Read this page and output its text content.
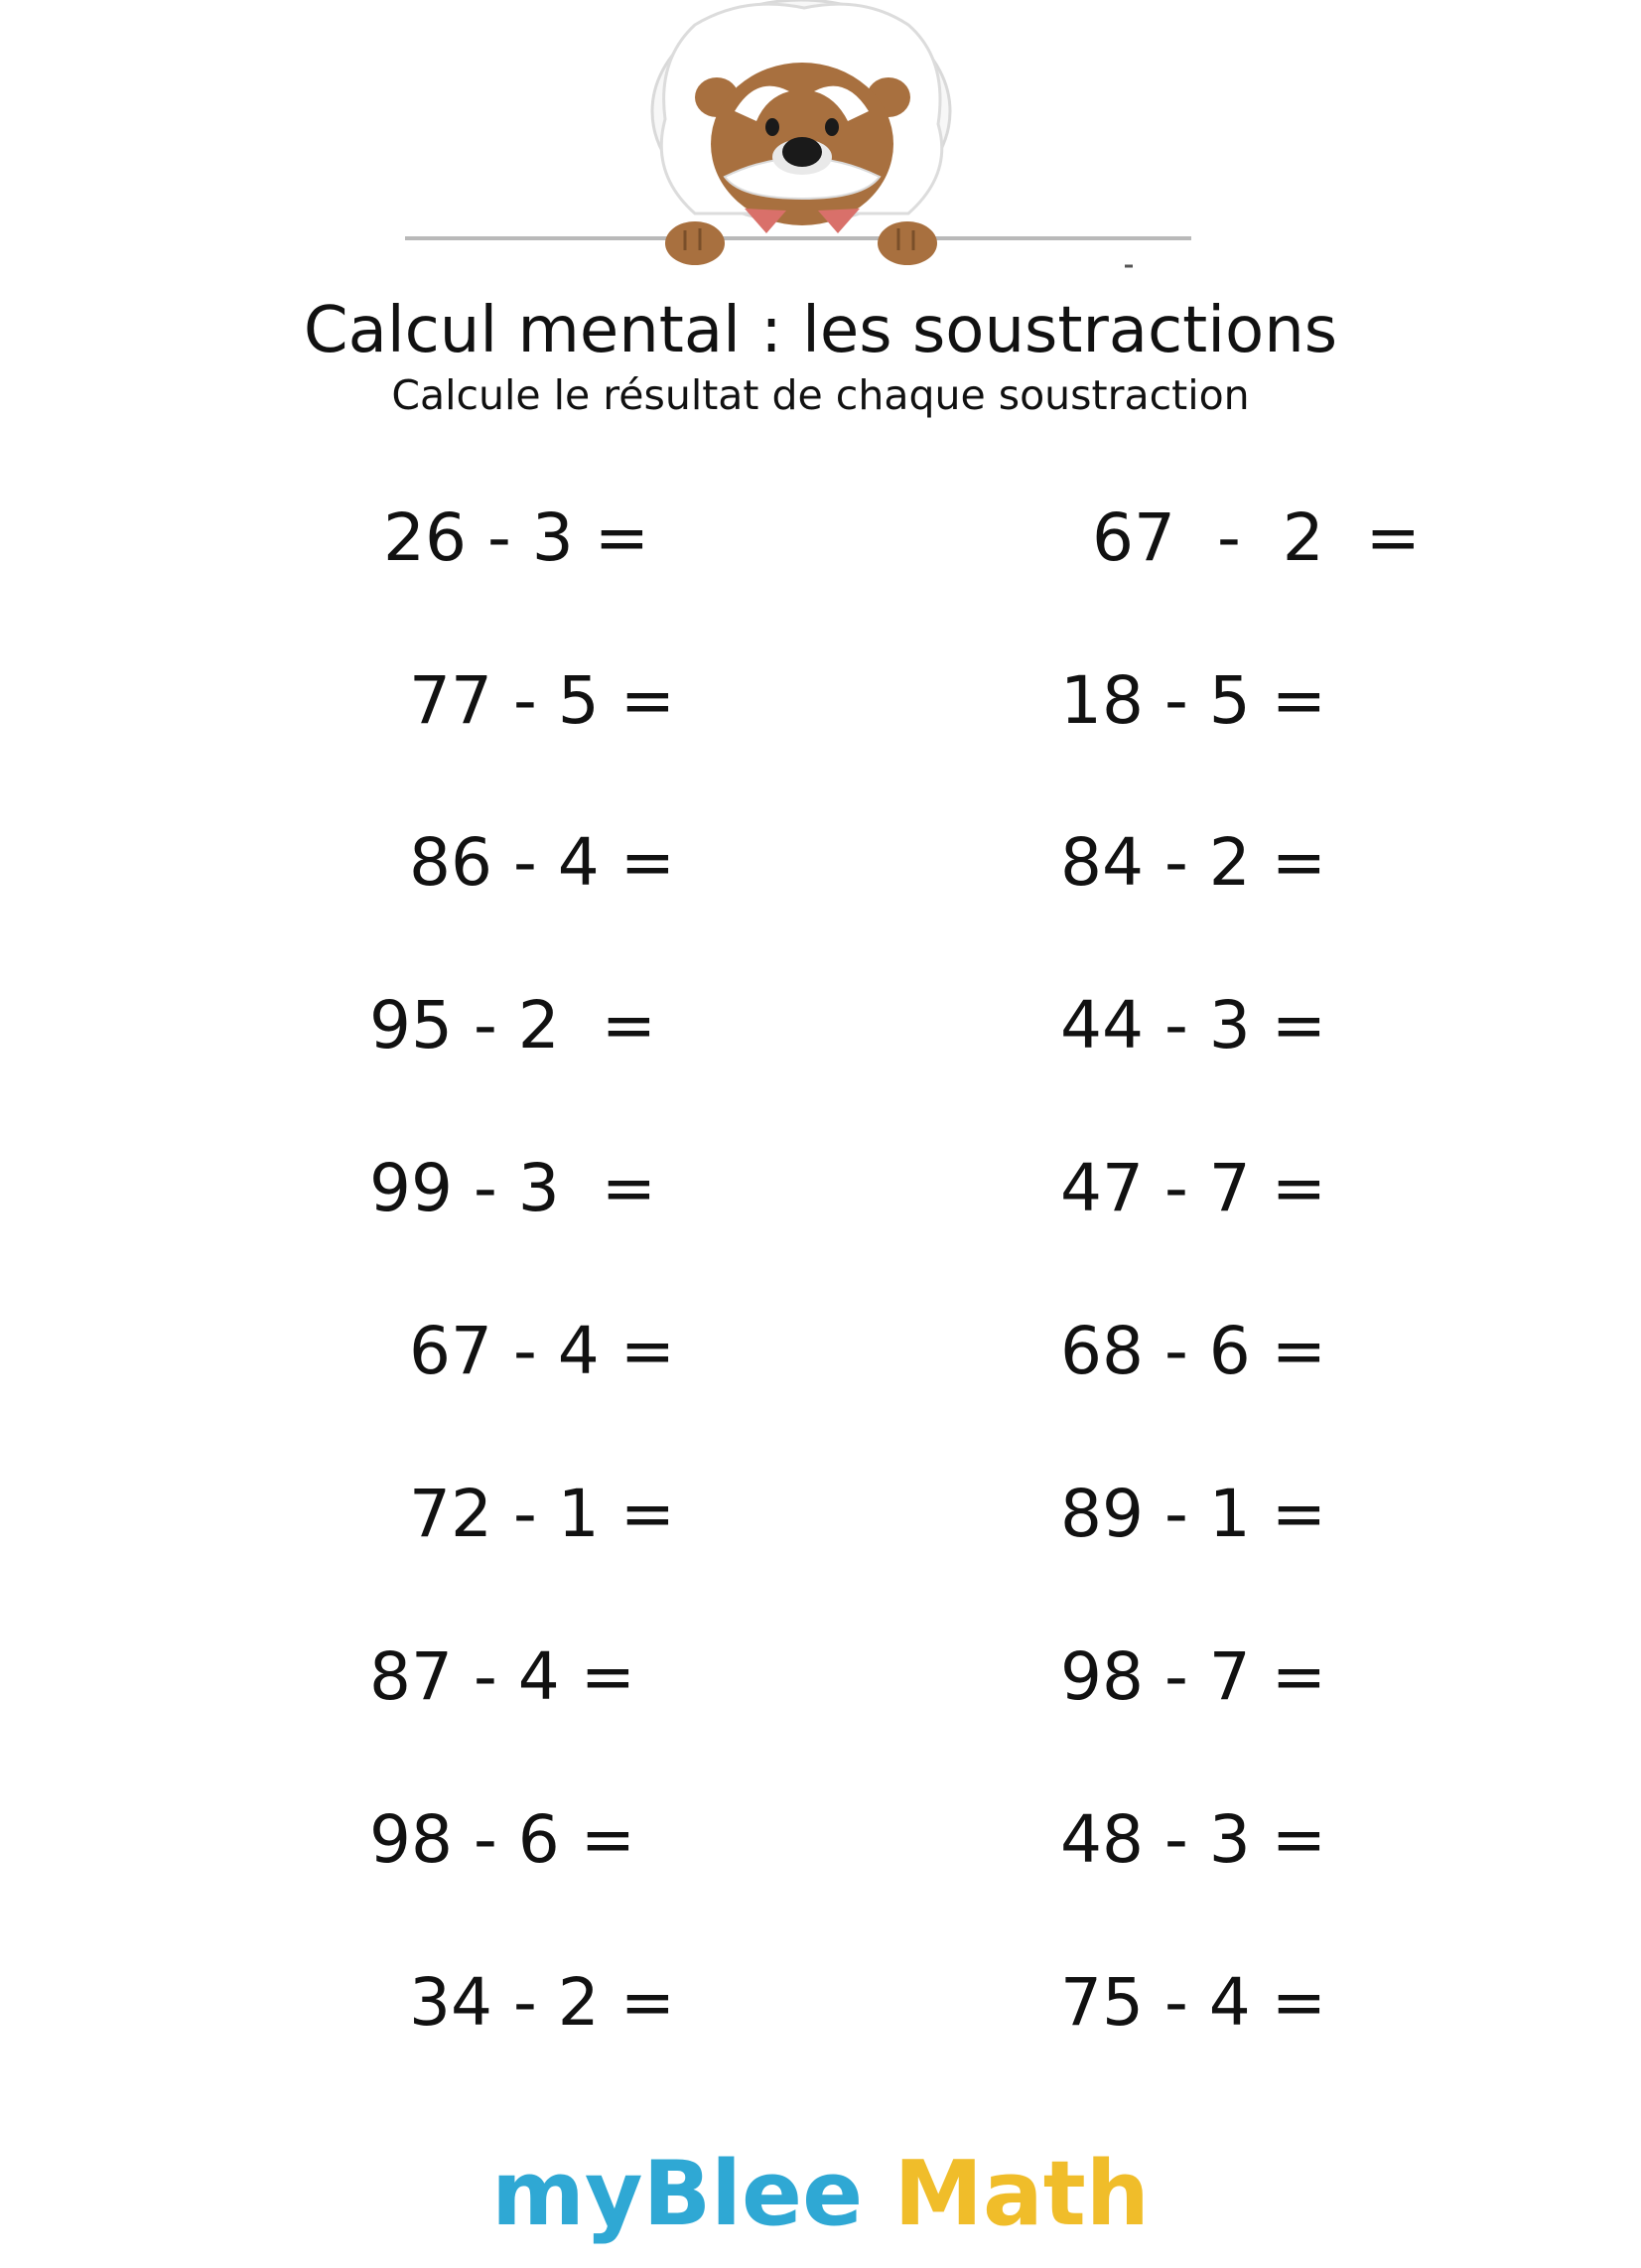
Calcul mental : les soustractions
Calcule le résultat de chaque soustraction
26 - 3 =
77 - 5 =
86 - 4 =
95 - 2  =
99 - 3  =
67 - 4 =
72 - 1 =
87 - 4 =
98 - 6 =
34 - 2 =
67  -  2  =
18 - 5 =
84 - 2 =
44 - 3 =
47 - 7 =
68 - 6 =
89 - 1 =
98 - 7 =
48 - 3 =
75 - 4 =
myBlee Math
